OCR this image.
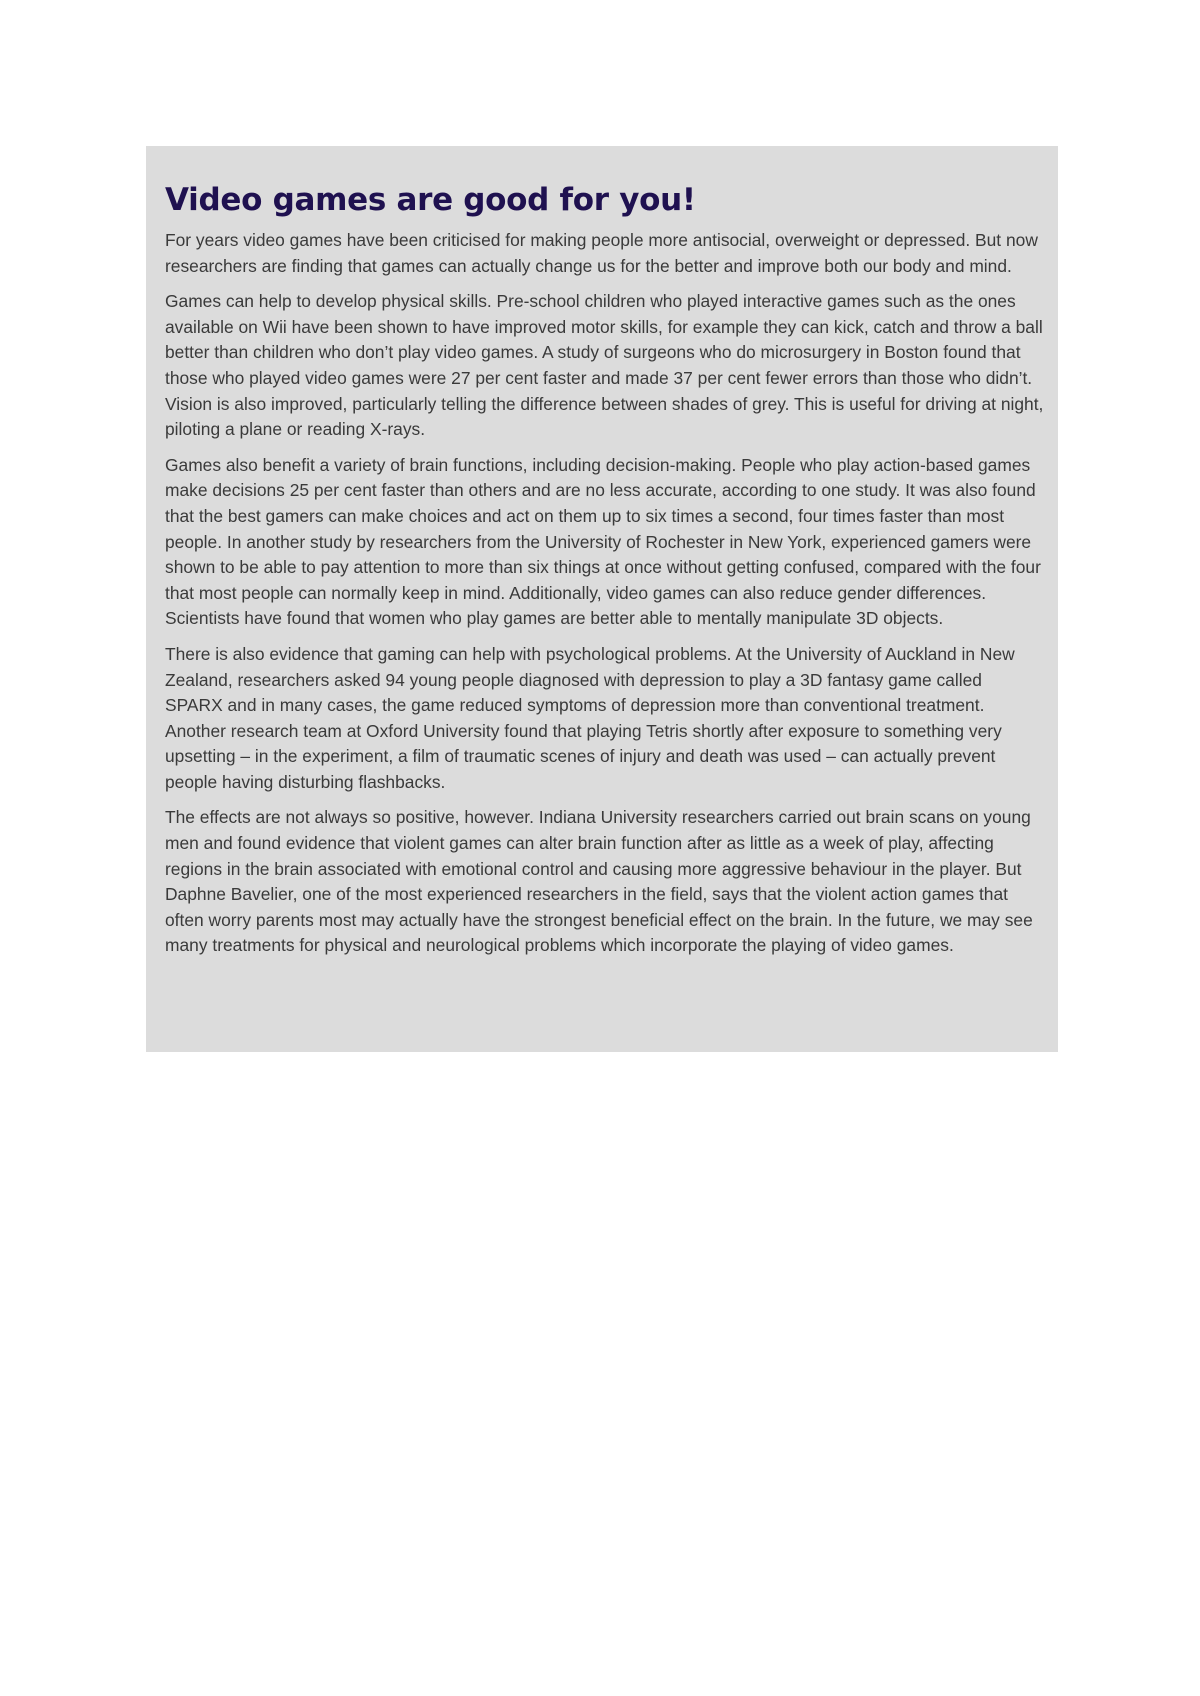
Video games are good for you!

For years video games have been criticised for making people more antisocial, overweight or depressed. But now researchers are finding that games can actually change us for the better and improve both our body and mind.

Games can help to develop physical skills. Pre-school children who played interactive games such as the ones available on Wii have been shown to have improved motor skills, for example they can kick, catch and throw a ball better than children who don’t play video games. A study of surgeons who do microsurgery in Boston found that those who played video games were 27 per cent faster and made 37 per cent fewer errors than those who didn’t. Vision is also improved, particularly telling the difference between shades of grey. This is useful for driving at night, piloting a plane or reading X-rays.

Games also benefit a variety of brain functions, including decision-making. People who play action-based games make decisions 25 per cent faster than others and are no less accurate, according to one study. It was also found that the best gamers can make choices and act on them up to six times a second, four times faster than most people. In another study by researchers from the University of Rochester in New York, experienced gamers were shown to be able to pay attention to more than six things at once without getting confused, compared with the four that most people can normally keep in mind. Additionally, video games can also reduce gender differences. Scientists have found that women who play games are better able to mentally manipulate 3D objects.

There is also evidence that gaming can help with psychological problems. At the University of Auckland in New Zealand, researchers asked 94 young people diagnosed with depression to play a 3D fantasy game called SPARX and in many cases, the game reduced symptoms of depression more than conventional treatment. Another research team at Oxford University found that playing Tetris shortly after exposure to something very upsetting – in the experiment, a film of traumatic scenes of injury and death was used – can actually prevent people having disturbing flashbacks.

The effects are not always so positive, however. Indiana University researchers carried out brain scans on young men and found evidence that violent games can alter brain function after as little as a week of play, affecting regions in the brain associated with emotional control and causing more aggressive behaviour in the player. But Daphne Bavelier, one of the most experienced researchers in the field, says that the violent action games that often worry parents most may actually have the strongest beneficial effect on the brain. In the future, we may see many treatments for physical and neurological problems which incorporate the playing of video games.
